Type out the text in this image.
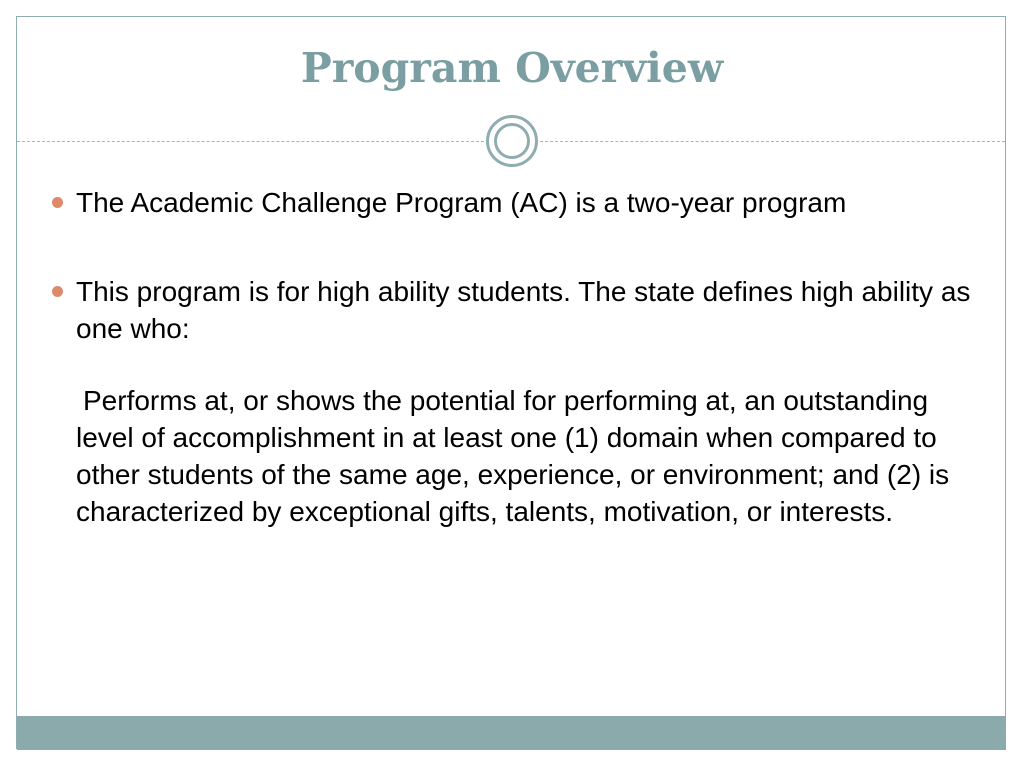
Program Overview
The Academic Challenge Program (AC) is a two-year program
This program is for high ability students. The state defines high ability as one who:
Performs at, or shows the potential for performing at, an outstanding level of accomplishment in at least one (1) domain when compared to other students of the same age, experience, or environment; and (2) is characterized by exceptional gifts, talents, motivation, or interests.
